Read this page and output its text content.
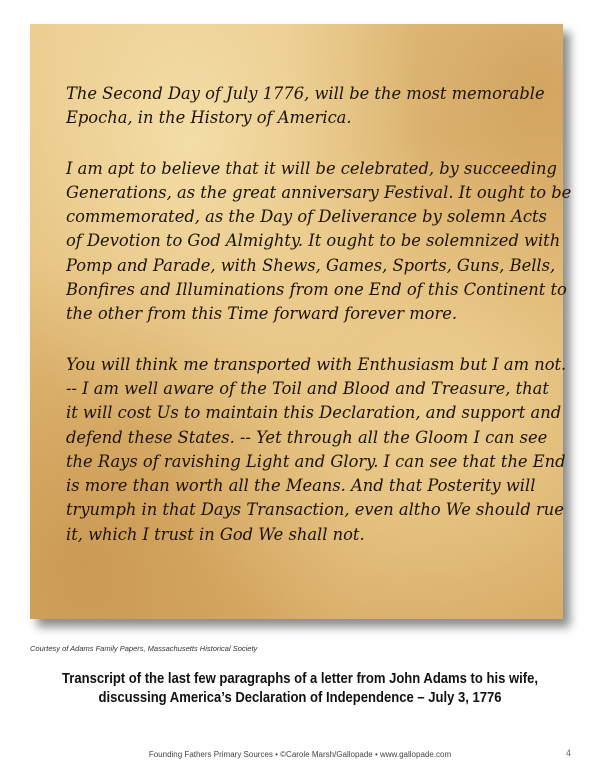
The Second Day of July 1776, will be the most memorable
Epocha, in the History of America.

I am apt to believe that it will be celebrated, by succeeding
Generations, as the great anniversary Festival. It ought to be
commemorated, as the Day of Deliverance by solemn Acts
of Devotion to God Almighty. It ought to be solemnized with
Pomp and Parade, with Shews, Games, Sports, Guns, Bells,
Bonfires and Illuminations from one End of this Continent to
the other from this Time forward forever more.

You will think me transported with Enthusiasm but I am not.
-- I am well aware of the Toil and Blood and Treasure, that
it will cost Us to maintain this Declaration, and support and
defend these States. -- Yet through all the Gloom I can see
the Rays of ravishing Light and Glory. I can see that the End
is more than worth all the Means. And that Posterity will
tryumph in that Days Transaction, even altho We should rue
it, which I trust in God We shall not.

Courtesy of Adams Family Papers, Massachusetts Historical Society
Transcript of the last few paragraphs of a letter from John Adams to his wife,
discussing America’s Declaration of Independence – July 3, 1776
Founding Fathers Primary Sources • ©Carole Marsh/Gallopade • www.gallopade.com	4
